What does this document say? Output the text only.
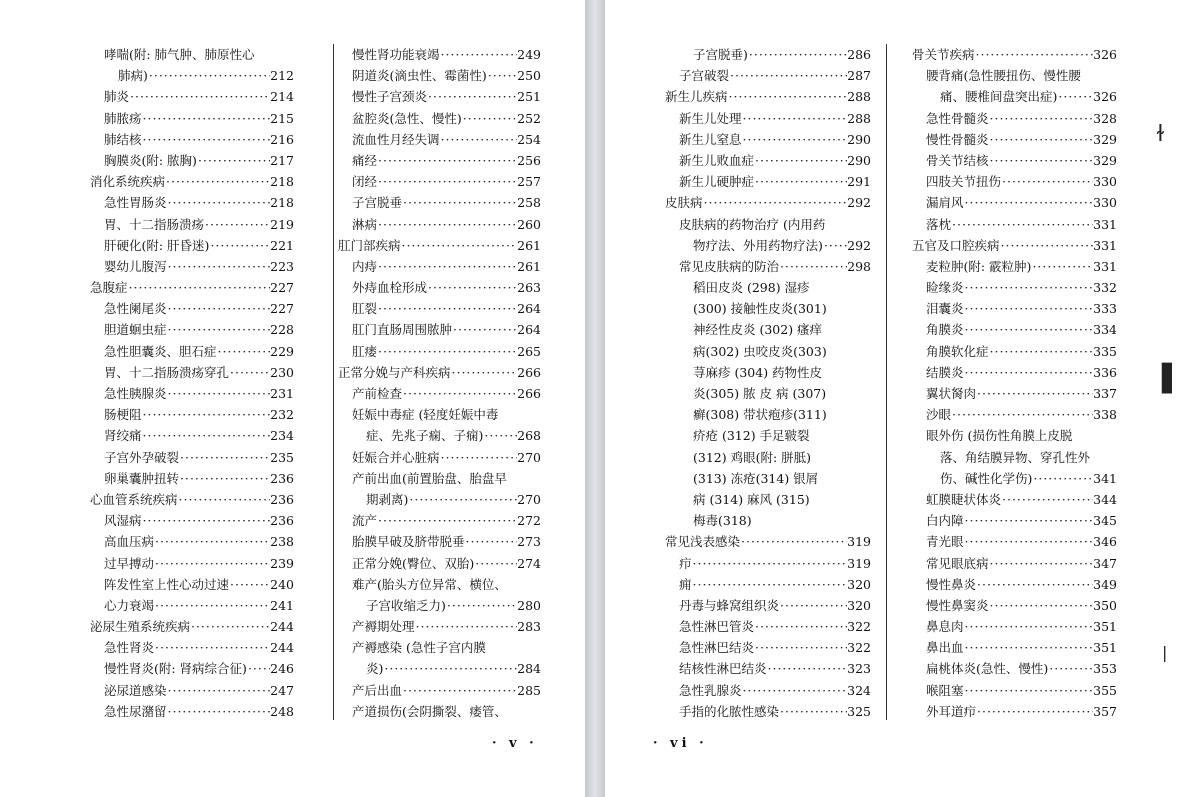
哮喘(附: 肺气肿、肺原性心
肺病) ·····	212
肺炎 ·····	214
肺脓疡 ·····	215
肺结核 ·····	216
胸膜炎(附: 脓胸) ·····	217
消化系统疾病 ·····	218
急性胃肠炎 ·····	218
胃、十二指肠溃疡 ·····	219
肝硬化(附: 肝昏迷) ·····	221
婴幼儿腹泻 ·····	223
急腹症 ·····	227
急性阑尾炎 ·····	227
胆道蛔虫症 ·····	228
急性胆囊炎、胆石症 ·····	229
胃、十二指肠溃疡穿孔 ·····	230
急性胰腺炎 ·····	231
肠梗阻 ·····	232
肾绞痛 ·····	234
子宫外孕破裂 ·····	235
卵巢囊肿扭转 ·····	236
心血管系统疾病 ·····	236
风湿病 ·····	236
高血压病 ·····	238
过早搏动 ·····	239
阵发性室上性心动过速 ·····	240
心力衰竭 ·····	241
泌尿生殖系统疾病 ·····	244
急性肾炎 ·····	244
慢性肾炎(附: 肾病综合征) ····· 246
泌尿道感染 ·····	247
急性尿潴留 ·····	248
慢性肾功能衰竭 ·····	249
阴道炎(滴虫性、霉菌性) ····· 250
慢性子宫颈炎 ·····	251
盆腔炎(急性、慢性) ·····	252
流血性月经失调 ·····	254
痛经 ·····	256
闭经 ·····	257
子宫脱垂 ·····	258
淋病 ·····	260
肛门部疾病 ·····	261
内痔 ·····	261
外痔血栓形成 ·····	263
肛裂 ·····	264
肛门直肠周围脓肿 ·····	264
肛瘘 ·····	265
正常分娩与产科疾病 ·····	266
产前检查 ·····	266
妊娠中毒症 (轻度妊娠中毒
症、先兆子痫、子痫) ·····	268
妊娠合并心脏病 ·····	270
产前出血(前置胎盘、胎盘早
期剥离) ·····	270
流产 ·····	272
胎膜早破及脐带脱垂 ·····	273
正常分娩(臀位、双胎) ·····	274
难产(胎头方位异常、横位、
子宫收缩乏力) ·····	280
产褥期处理 ·····	283
产褥感染 (急性子宫内膜
炎) ·····	284
产后出血 ·····	285
产道损伤(会阴撕裂、瘘管、
· v ·
子宫脱垂) ·····	286
子宫破裂 ·····	287
新生儿疾病 ·····	288
新生儿处理 ·····	288
新生儿窒息 ·····	290
新生儿败血症 ·····	290
新生儿硬肿症 ·····	291
皮肤病 ·····	292
皮肤病的药物治疗 (内用药
物疗法、外用药物疗法) ····· 292
常见皮肤病的防治 ·····	298
稻田皮炎 (298) 湿疹
(300) 接触性皮炎(301)
神经性皮炎 (302) 瘙痒
病(302) 虫咬皮炎(303)
荨麻疹 (304) 药物性皮
炎(305) 脓 皮 病 (307)
癣(308) 带状疱疹(311)
疥疮 (312) 手足皲裂
(312) 鸡眼(附: 胼胝)
(313) 冻疮(314) 银屑
病 (314) 麻风 (315)
梅毒(318)
常见浅表感染 ·····	319
疖 ·····	319
痈 ·····	320
丹毒与蜂窝组织炎 ·····	320
急性淋巴管炎 ·····	322
急性淋巴结炎 ·····	322
结核性淋巴结炎 ·····	323
急性乳腺炎 ·····	324
手指的化脓性感染 ·····	325
骨关节疾病 ·····	326
腰背痛(急性腰扭伤、慢性腰
痛、腰椎间盘突出症) ·····	326
急性骨髓炎 ·····	328
慢性骨髓炎 ·····	329
骨关节结核 ·····	329
四肢关节扭伤 ·····	330
漏肩风 ·····	330
落枕 ·····	331
五官及口腔疾病 ·····	331
麦粒肿(附: 霰粒肿) ·····	331
睑缘炎 ·····	332
泪囊炎 ·····	333
角膜炎 ·····	334
角膜软化症 ·····	335
结膜炎 ·····	336
翼状胬肉 ·····	337
沙眼 ·····	338
眼外伤 (损伤性角膜上皮脱
落、角结膜异物、穿孔性外
伤、碱性化学伤) ·····	341
虹膜睫状体炎 ·····	344
白内障 ·····	345
青光眼 ·····	346
常见眼底病 ·····	347
慢性鼻炎 ·····	349
慢性鼻窦炎 ·····	350
鼻息肉 ·····	351
鼻出血 ·····	351
扁桃体炎(急性、慢性) ·····	353
喉阻塞 ·····	355
外耳道疖 ·····	357
· vi ·
ɫ
▌
❘
